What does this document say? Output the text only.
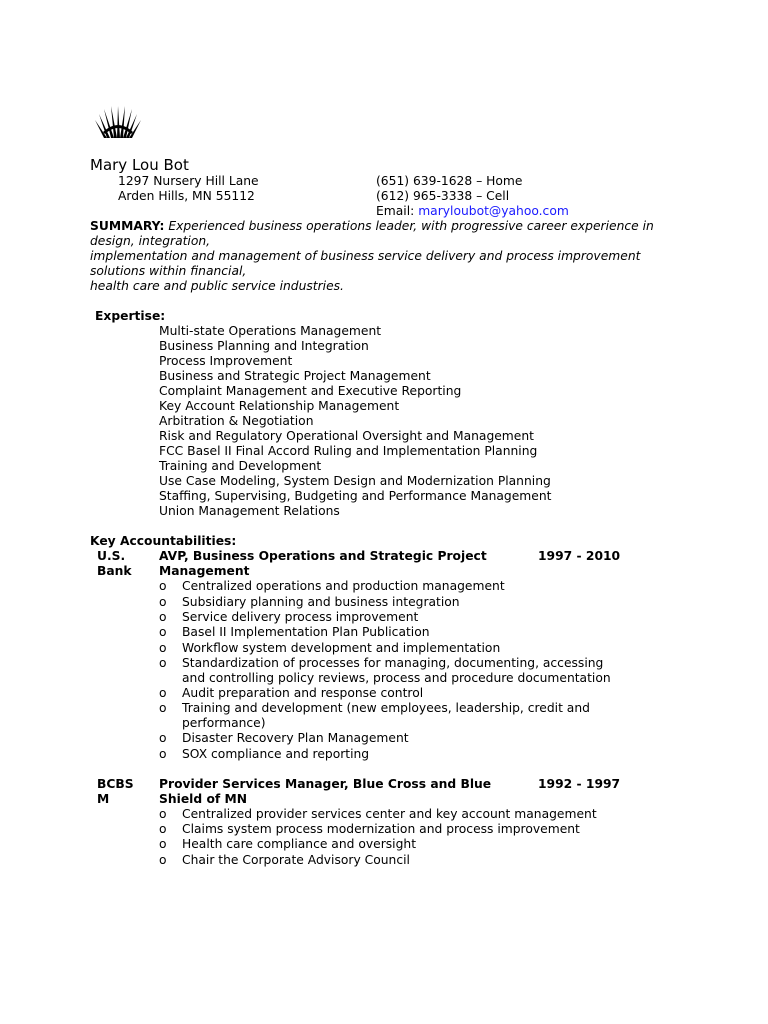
Mary Lou Bot
1297 Nursery Hill Lane
Arden Hills, MN 55112
(651) 639-1628 – Home
(612) 965-3338 – Cell
Email: maryloubot@yahoo.com
SUMMARY: Experienced business operations leader, with progressive career experience in
design, integration,
implementation and management of business service delivery and process improvement
solutions within financial,
health care and public service industries.
Expertise:
Multi-state Operations Management
Business Planning and Integration
Process Improvement
Business and Strategic Project Management
Complaint Management and Executive Reporting
Key Account Relationship Management
Arbitration & Negotiation
Risk and Regulatory Operational Oversight and Management
FCC Basel II Final Accord Ruling and Implementation Planning
Training and Development
Use Case Modeling, System Design and Modernization Planning
Staffing, Supervising, Budgeting and Performance Management
Union Management Relations
Key Accountabilities:
U.S.
Bank
AVP, Business Operations and Strategic Project
Management
1997 - 2010
o Centralized operations and production management
o Subsidiary planning and business integration
o Service delivery process improvement
o Basel II Implementation Plan Publication
o Workflow system development and implementation
o Standardization of processes for managing, documenting, accessing
and controlling policy reviews, process and procedure documentation
o Audit preparation and response control
o Training and development (new employees, leadership, credit and
performance)
o Disaster Recovery Plan Management
o SOX compliance and reporting
BCBS
M
Provider Services Manager, Blue Cross and Blue
Shield of MN
1992 - 1997
o Centralized provider services center and key account management
o Claims system process modernization and process improvement
o Health care compliance and oversight
o Chair the Corporate Advisory Council
